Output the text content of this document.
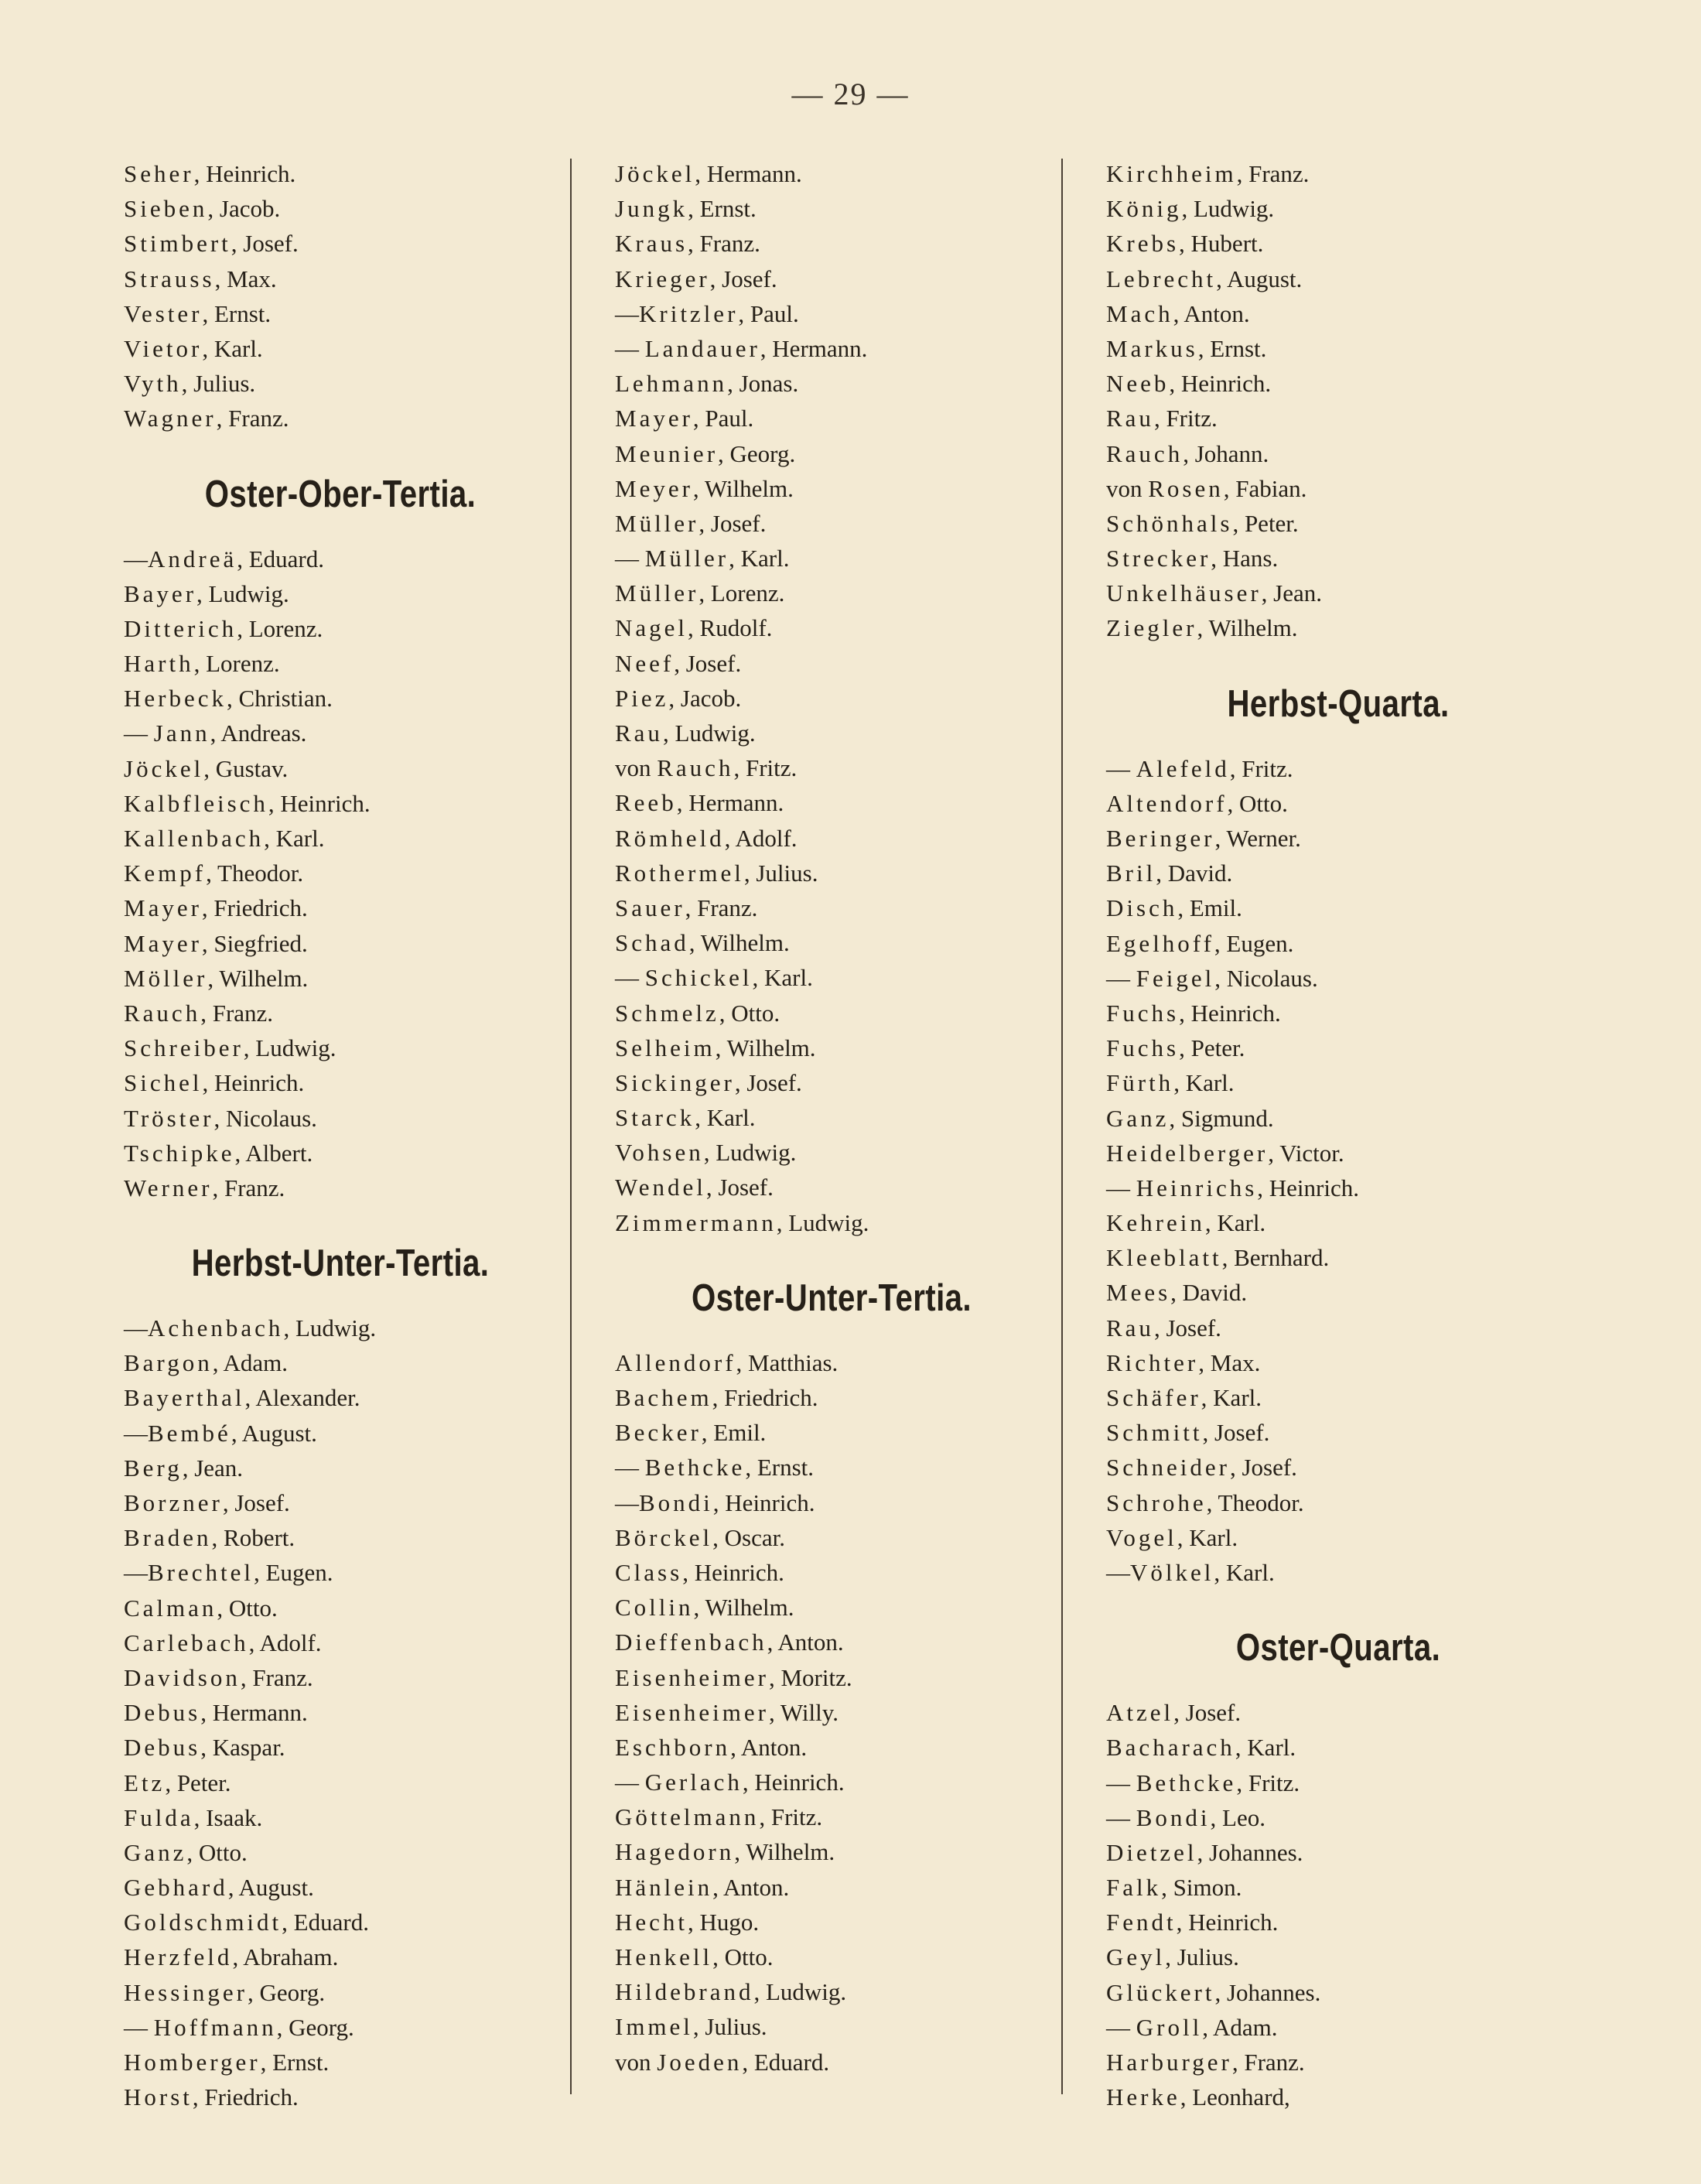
— 29 —
Seher, Heinrich.
Sieben, Jacob.
Stimbert, Josef.
Strauss, Max.
Vester, Ernst.
Vietor, Karl.
Vyth, Julius.
Wagner, Franz.
Oster-Ober-Tertia.
—Andreä, Eduard.
Bayer, Ludwig.
Ditterich, Lorenz.
Harth, Lorenz.
Herbeck, Christian.
— Jann, Andreas.
Jöckel, Gustav.
Kalbfleisch, Heinrich.
Kallenbach, Karl.
Kempf, Theodor.
Mayer, Friedrich.
Mayer, Siegfried.
Möller, Wilhelm.
Rauch, Franz.
Schreiber, Ludwig.
Sichel, Heinrich.
Tröster, Nicolaus.
Tschipke, Albert.
Werner, Franz.
Herbst-Unter-Tertia.
—Achenbach, Ludwig.
Bargon, Adam.
Bayerthal, Alexander.
—Bembé, August.
Berg, Jean.
Borzner, Josef.
Braden, Robert.
—Brechtel, Eugen.
Calman, Otto.
Carlebach, Adolf.
Davidson, Franz.
Debus, Hermann.
Debus, Kaspar.
Etz, Peter.
Fulda, Isaak.
Ganz, Otto.
Gebhard, August.
Goldschmidt, Eduard.
Herzfeld, Abraham.
Hessinger, Georg.
— Hoffmann, Georg.
Homberger, Ernst.
Horst, Friedrich.
Jöckel, Hermann.
Jungk, Ernst.
Kraus, Franz.
Krieger, Josef.
—Kritzler, Paul.
— Landauer, Hermann.
Lehmann, Jonas.
Mayer, Paul.
Meunier, Georg.
Meyer, Wilhelm.
Müller, Josef.
— Müller, Karl.
Müller, Lorenz.
Nagel, Rudolf.
Neef, Josef.
Piez, Jacob.
Rau, Ludwig.
von Rauch, Fritz.
Reeb, Hermann.
Römheld, Adolf.
Rothermel, Julius.
Sauer, Franz.
Schad, Wilhelm.
— Schickel, Karl.
Schmelz, Otto.
Selheim, Wilhelm.
Sickinger, Josef.
Starck, Karl.
Vohsen, Ludwig.
Wendel, Josef.
Zimmermann, Ludwig.
Oster-Unter-Tertia.
Allendorf, Matthias.
Bachem, Friedrich.
Becker, Emil.
— Bethcke, Ernst.
—Bondi, Heinrich.
Börckel, Oscar.
Class, Heinrich.
Collin, Wilhelm.
Dieffenbach, Anton.
Eisenheimer, Moritz.
Eisenheimer, Willy.
Eschborn, Anton.
— Gerlach, Heinrich.
Göttelmann, Fritz.
Hagedorn, Wilhelm.
Hänlein, Anton.
Hecht, Hugo.
Henkell, Otto.
Hildebrand, Ludwig.
Immel, Julius.
von Joeden, Eduard.
Kirchheim, Franz.
König, Ludwig.
Krebs, Hubert.
Lebrecht, August.
Mach, Anton.
Markus, Ernst.
Neeb, Heinrich.
Rau, Fritz.
Rauch, Johann.
von Rosen, Fabian.
Schönhals, Peter.
Strecker, Hans.
Unkelhäuser, Jean.
Ziegler, Wilhelm.
Herbst-Quarta.
— Alefeld, Fritz.
Altendorf, Otto.
Beringer, Werner.
Bril, David.
Disch, Emil.
Egelhoff, Eugen.
— Feigel, Nicolaus.
Fuchs, Heinrich.
Fuchs, Peter.
Fürth, Karl.
Ganz, Sigmund.
Heidelberger, Victor.
— Heinrichs, Heinrich.
Kehrein, Karl.
Kleeblatt, Bernhard.
Mees, David.
Rau, Josef.
Richter, Max.
Schäfer, Karl.
Schmitt, Josef.
Schneider, Josef.
Schrohe, Theodor.
Vogel, Karl.
—Völkel, Karl.
Oster-Quarta.
Atzel, Josef.
Bacharach, Karl.
— Bethcke, Fritz.
— Bondi, Leo.
Dietzel, Johannes.
Falk, Simon.
Fendt, Heinrich.
Geyl, Julius.
Glückert, Johannes.
— Groll, Adam.
Harburger, Franz.
Herke, Leonhard,
